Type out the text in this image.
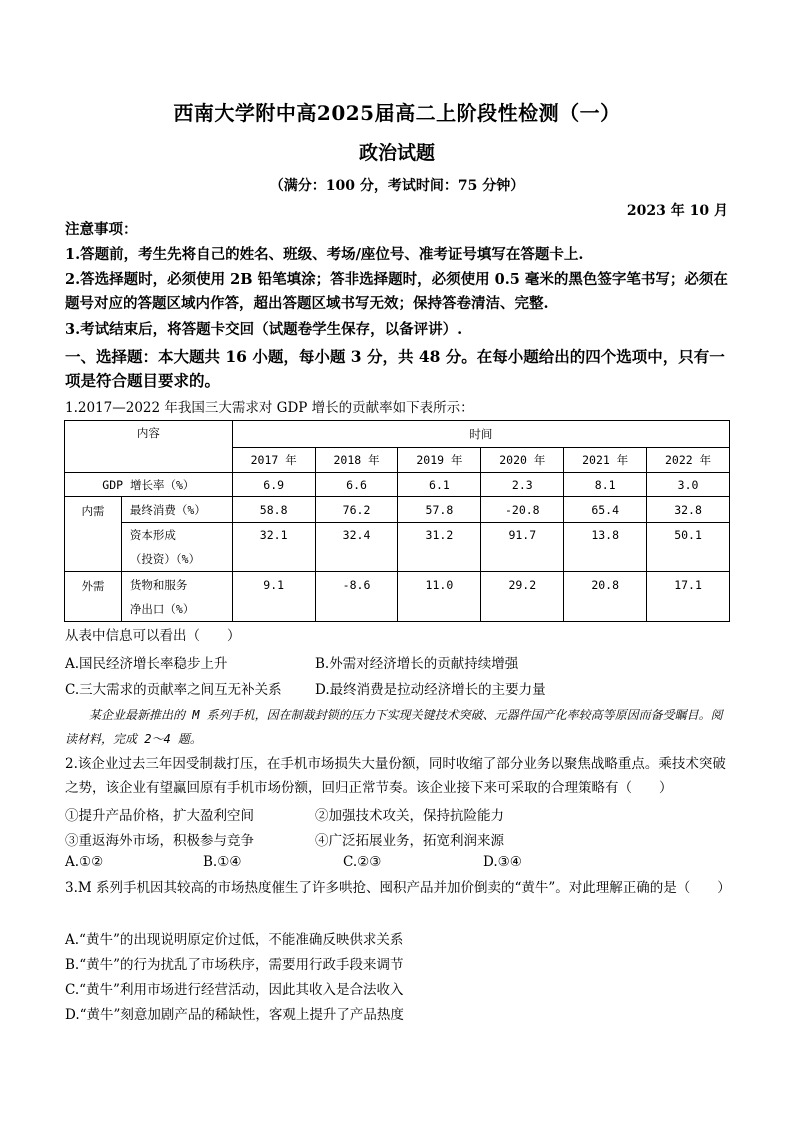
西南大学附中高2025届高二上阶段性检测（一）
政治试题
（满分：100 分，考试时间：75 分钟）
2023 年 10 月
注意事项：
1.答题前，考生先将自己的姓名、班级、考场/座位号、准考证号填写在答题卡上.
2.答选择题时，必须使用 2B 铅笔填涂；答非选择题时，必须使用 0.5 毫米的黑色签字笔书写；必须在题号对应的答题区域内作答，超出答题区域书写无效；保持答卷清洁、完整.
3.考试结束后，将答题卡交回（试题卷学生保存，以备评讲）.
一、选择题：本大题共 16 小题，每小题 3 分，共 48 分。在每小题给出的四个选项中，只有一项是符合题目要求的。
1.2017—2022 年我国三大需求对 GDP 增长的贡献率如下表所示：
内容		时间					
		2017 年	2018 年	2019 年	2020 年	2021 年	2022 年
GDP 增长率（%）		6.9	6.6	6.1	2.3	8.1	3.0
内需	最终消费（%）	58.8	76.2	57.8	-20.8	65.4	32.8

	资本形成
（投资）（%）	32.1	32.4	31.2	91.7	13.8	50.1
外需	货物和服务
净出口（%）	9.1	-8.6	11.0	29.2	20.8	17.1
从表中信息可以看出（　　）
A.国民经济增长率稳步上升	B.外需对经济增长的贡献持续增强
C.三大需求的贡献率之间互无补关系 D.最终消费是拉动经济增长的主要力量
某企业最新推出的 M 系列手机，因在制裁封锁的压力下实现关键技术突破、元器件国产化率较高等原因而备受瞩目。阅读材料，完成 2～4 题。
2.该企业过去三年因受制裁打压，在手机市场损失大量份额，同时收缩了部分业务以聚焦战略重点。乘技术突破之势，该企业有望赢回原有手机市场份额，回归正常节奏。该企业接下来可采取的合理策略有（　　）
①提升产品价格，扩大盈利空间	②加强技术攻关，保持抗险能力
③重返海外市场，积极参与竞争	④广泛拓展业务，拓宽利润来源
A.①②	B.①④	C.②③	D.③④
3.M 系列手机因其较高的市场热度催生了许多哄抢、囤积产品并加价倒卖的“黄牛”。对此理解正确的是（　　）
A.“黄牛”的出现说明原定价过低，不能准确反映供求关系
B.“黄牛”的行为扰乱了市场秩序，需要用行政手段来调节
C.“黄牛”利用市场进行经营活动，因此其收入是合法收入
D.“黄牛”刻意加剧产品的稀缺性，客观上提升了产品热度
